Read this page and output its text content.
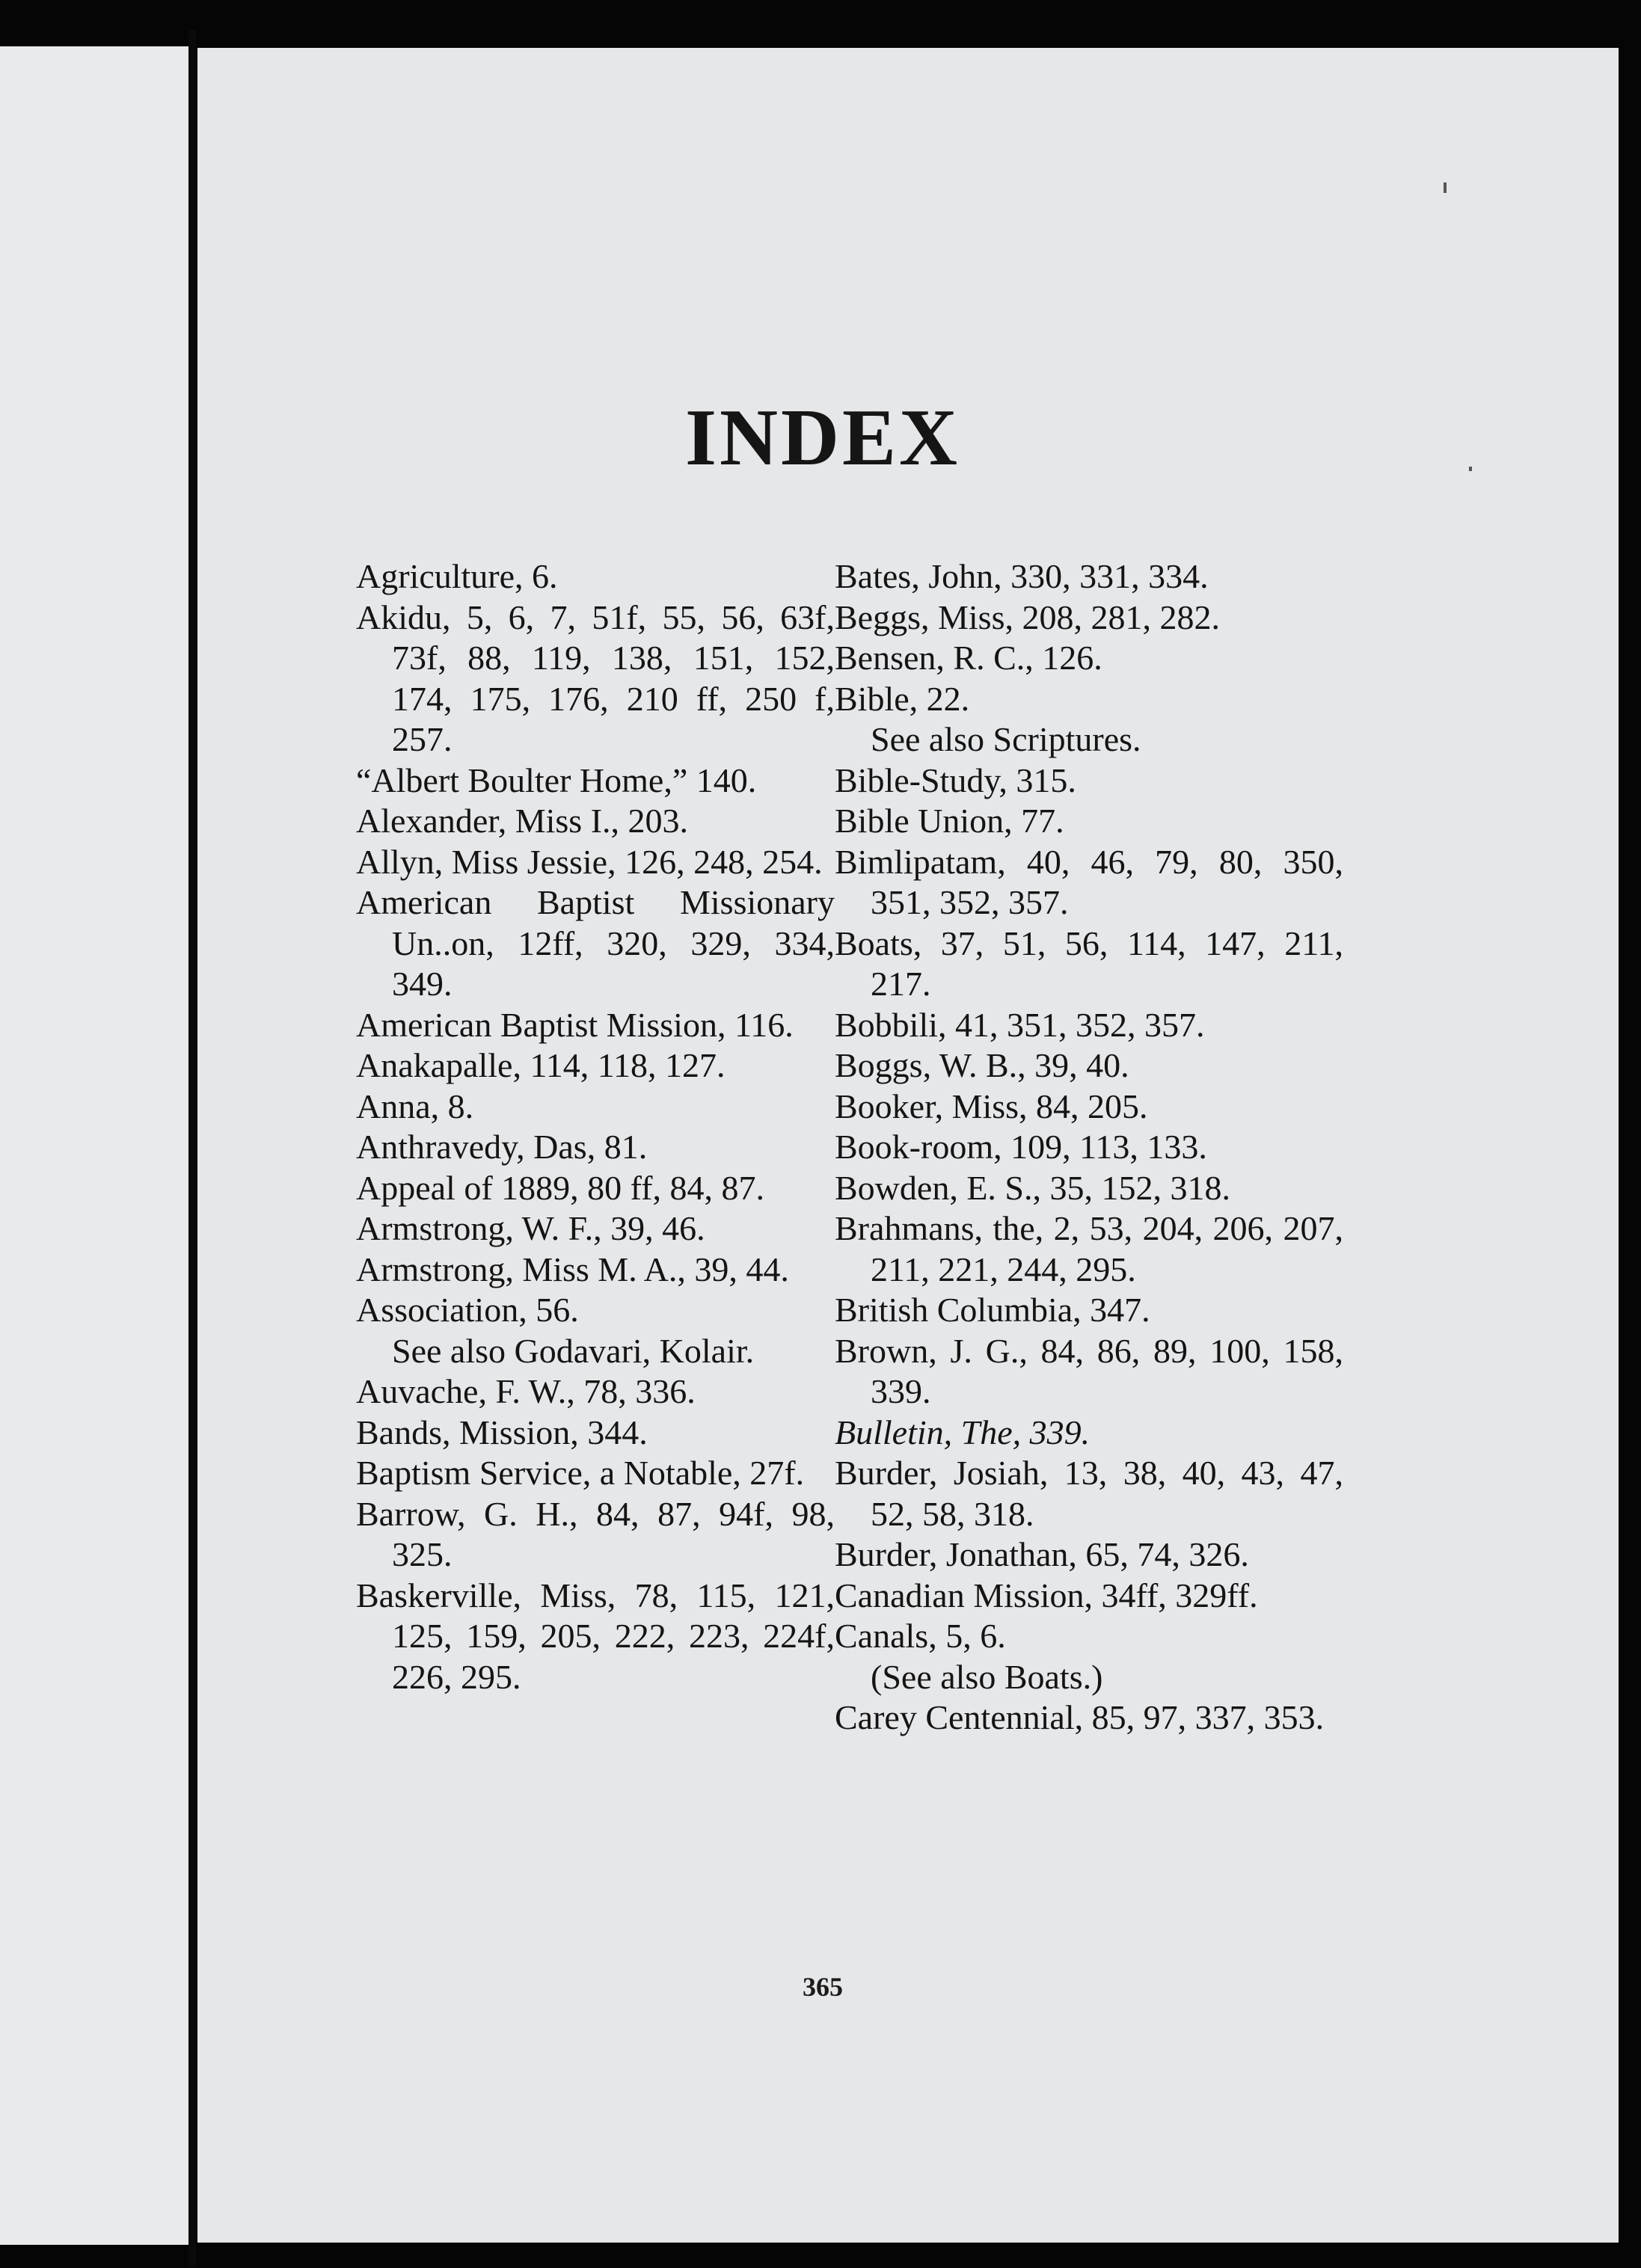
INDEX
Agriculture, 6.
Akidu, 5, 6, 7, 51f, 55, 56, 63f, 73f, 88, 119, 138, 151, 152, 174, 175, 176, 210 ff, 250 f, 257.
“Albert Boulter Home,” 140.
Alexander, Miss I., 203.
Allyn, Miss Jessie, 126, 248, 254.
American Baptist Missionary Un..on, 12ff, 320, 329, 334, 349.
American Baptist Mission, 116.
Anakapalle, 114, 118, 127.
Anna, 8.
Anthravedy, Das, 81.
Appeal of 1889, 80 ff, 84, 87.
Armstrong, W. F., 39, 46.
Armstrong, Miss M. A., 39, 44.
Association, 56.
See also Godavari, Kolair.
Auvache, F. W., 78, 336.
Bands, Mission, 344.
Baptism Service, a Notable, 27f.
Barrow, G. H., 84, 87, 94f, 98, 325.
Baskerville, Miss, 78, 115, 121, 125, 159, 205, 222, 223, 224f, 226, 295.
Bates, John, 330, 331, 334.
Beggs, Miss, 208, 281, 282.
Bensen, R. C., 126.
Bible, 22.
See also Scriptures.
Bible-Study, 315.
Bible Union, 77.
Bimlipatam, 40, 46, 79, 80, 350, 351, 352, 357.
Boats, 37, 51, 56, 114, 147, 211, 217.
Bobbili, 41, 351, 352, 357.
Boggs, W. B., 39, 40.
Booker, Miss, 84, 205.
Book-room, 109, 113, 133.
Bowden, E. S., 35, 152, 318.
Brahmans, the, 2, 53, 204, 206, 207, 211, 221, 244, 295.
British Columbia, 347.
Brown, J. G., 84, 86, 89, 100, 158, 339.
Bulletin, The, 339.
Burder, Josiah, 13, 38, 40, 43, 47, 52, 58, 318.
Burder, Jonathan, 65, 74, 326.
Canadian Mission, 34ff, 329ff.
Canals, 5, 6.
(See also Boats.)
Carey Centennial, 85, 97, 337, 353.
365
